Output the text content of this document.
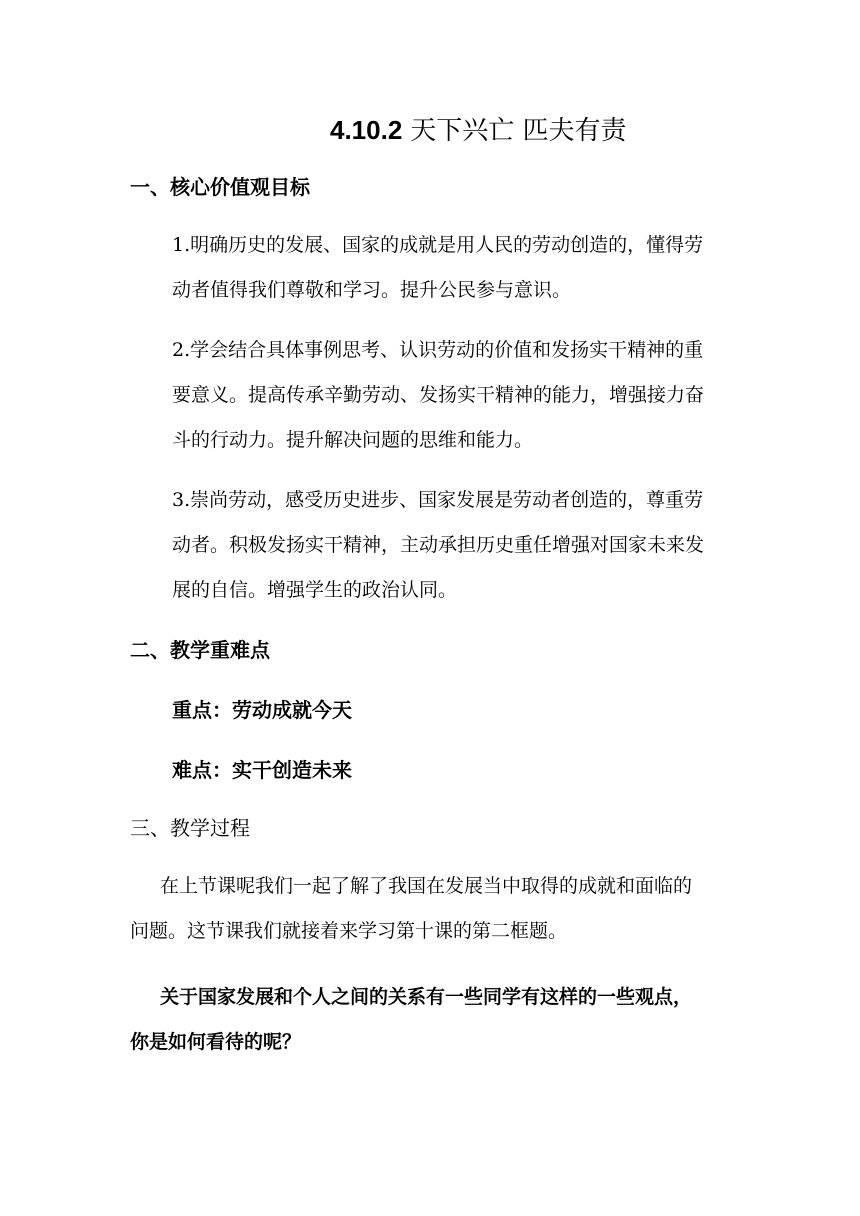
4.10.2 天下兴亡 匹夫有责
一、核心价值观目标
1.明确历史的发展、国家的成就是用人民的劳动创造的，懂得劳
动者值得我们尊敬和学习。提升公民参与意识。
2.学会结合具体事例思考、认识劳动的价值和发扬实干精神的重
要意义。提高传承辛勤劳动、发扬实干精神的能力，增强接力奋
斗的行动力。提升解决问题的思维和能力。
3.崇尚劳动，感受历史进步、国家发展是劳动者创造的，尊重劳
动者。积极发扬实干精神，主动承担历史重任增强对国家未来发
展的自信。增强学生的政治认同。
二、教学重难点
重点：劳动成就今天
难点：实干创造未来
三、教学过程
在上节课呢我们一起了解了我国在发展当中取得的成就和面临的
问题。这节课我们就接着来学习第十课的第二框题。
关于国家发展和个人之间的关系有一些同学有这样的一些观点，
你是如何看待的呢？
